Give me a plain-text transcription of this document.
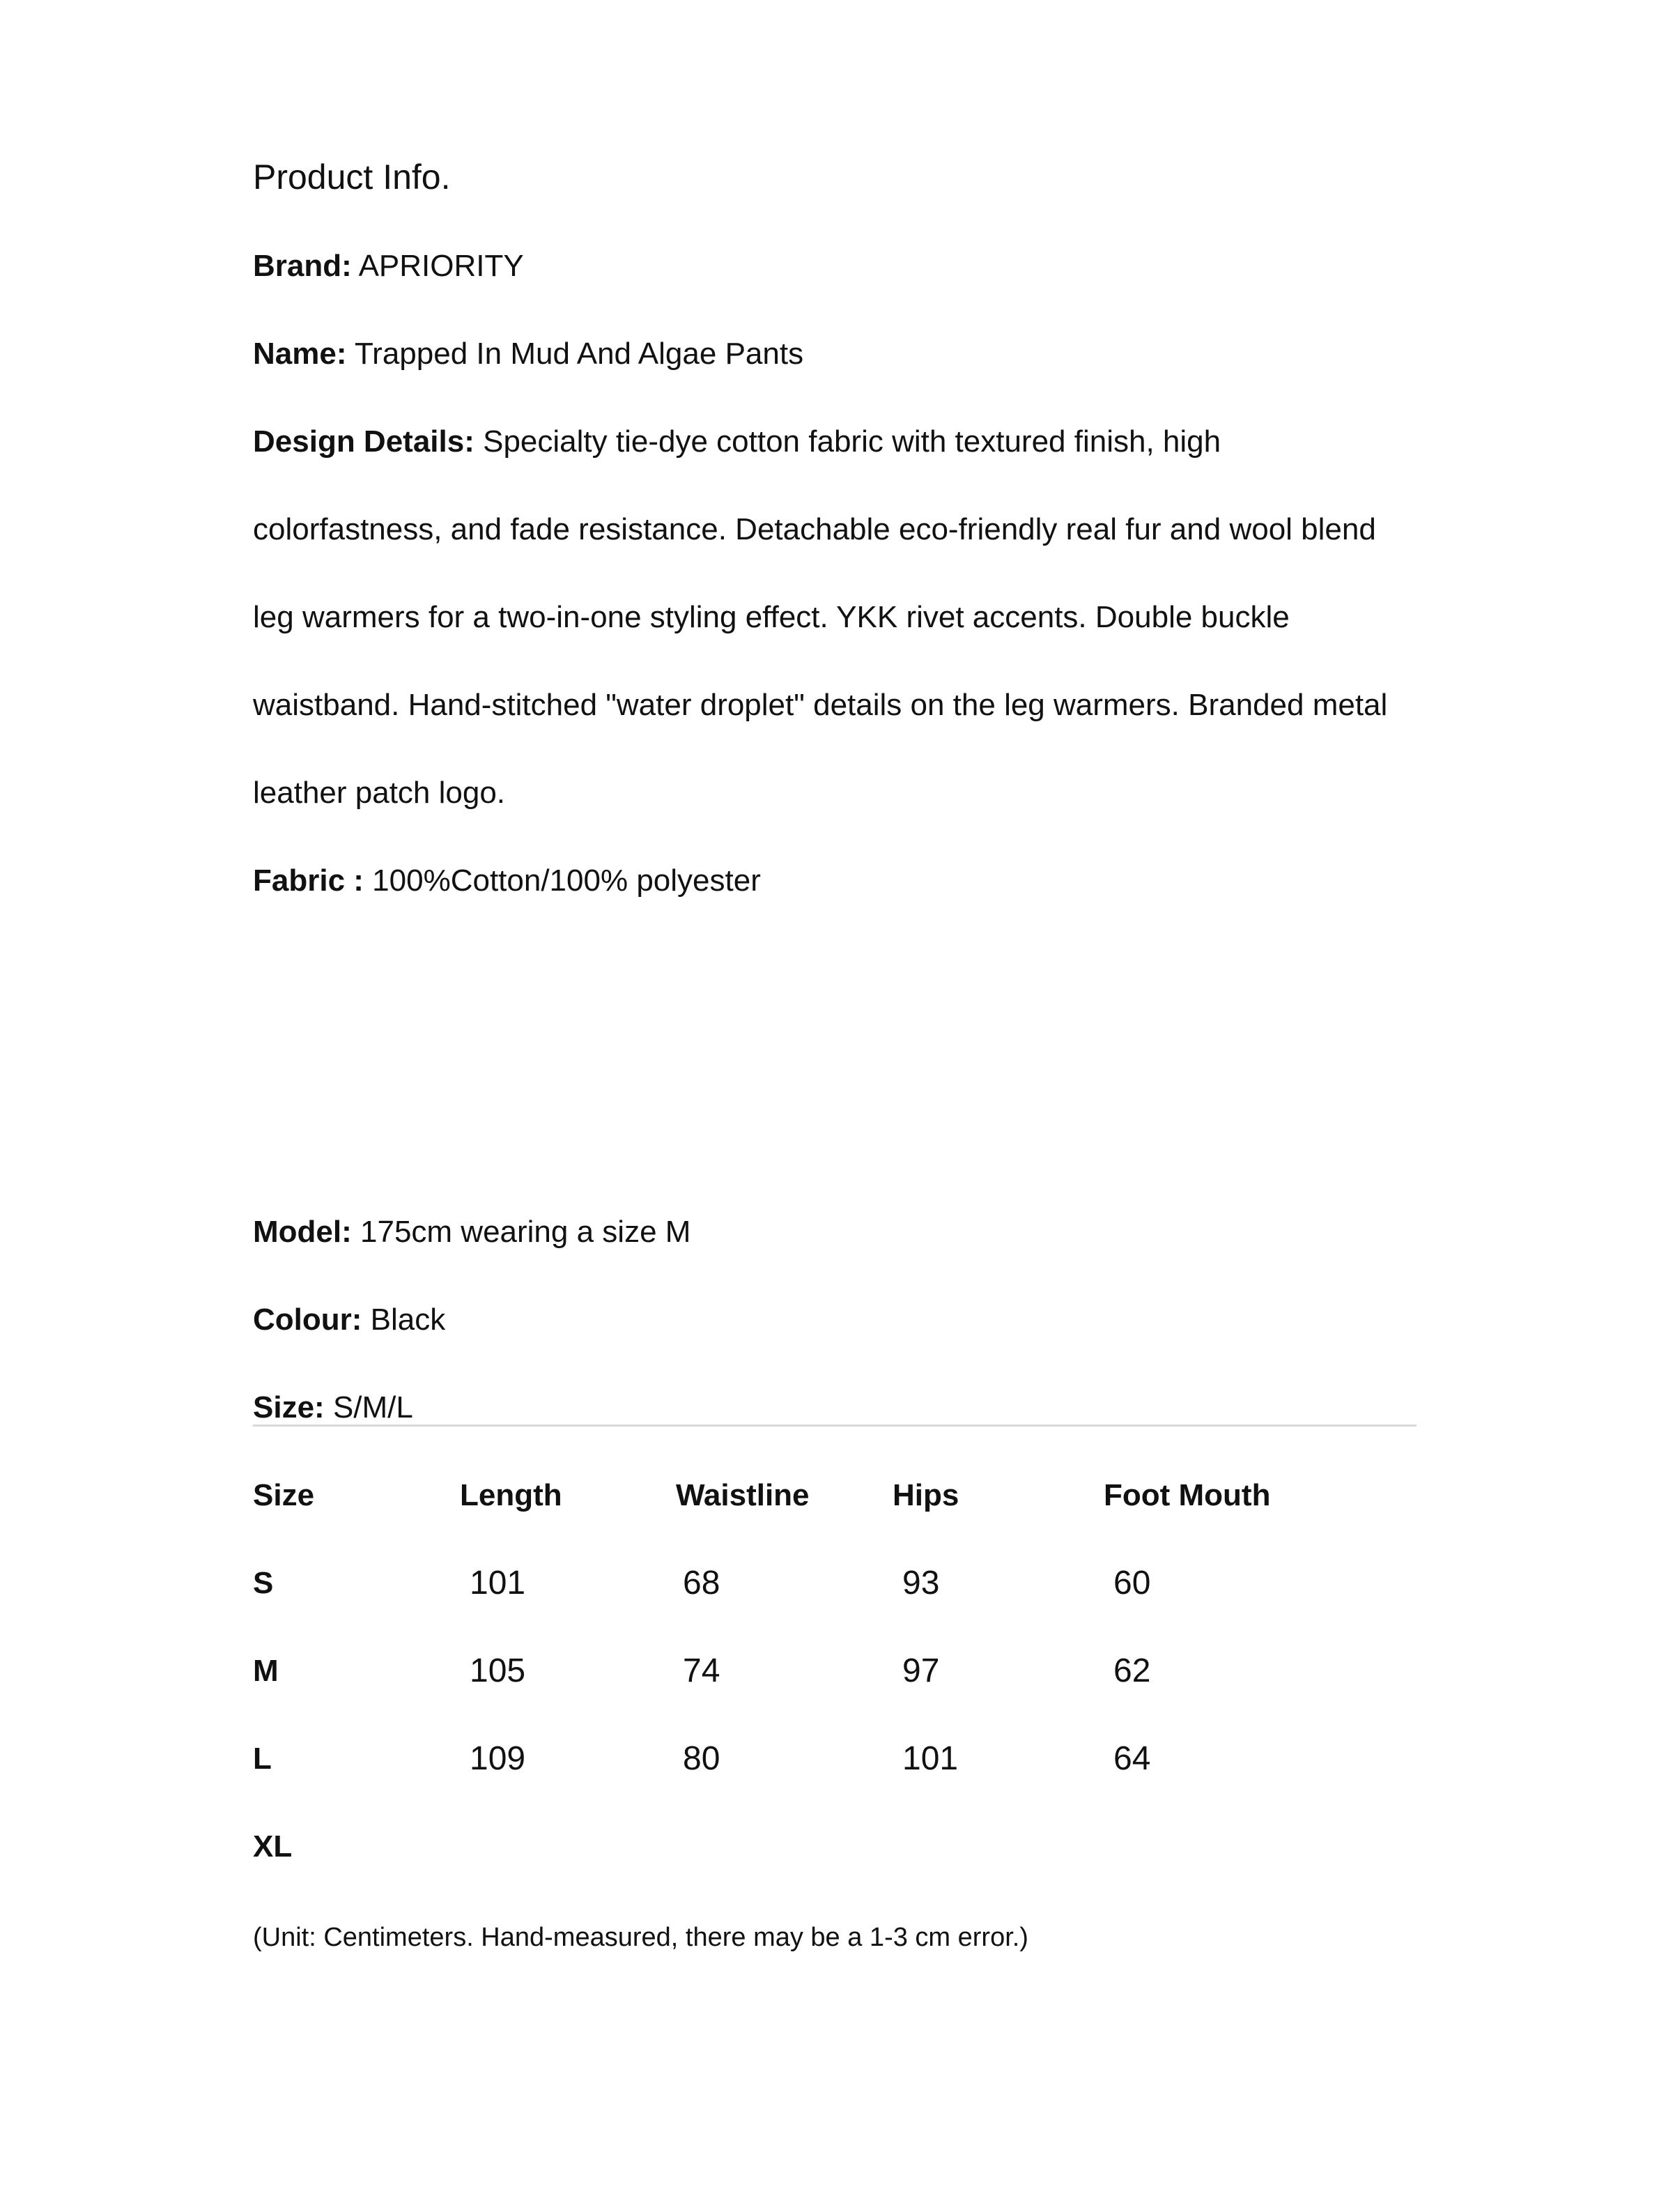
Product Info.
Brand: APRIORITY
Name: Trapped In Mud And Algae Pants
Design Details: Specialty tie-dye cotton fabric with textured finish, high
colorfastness, and fade resistance. Detachable eco-friendly real fur and wool blend
leg warmers for a two-in-one styling effect. YKK rivet accents. Double buckle
waistband. Hand-stitched "water droplet" details on the leg warmers. Branded metal
leather patch logo.
Fabric : 100%Cotton/100% polyester
Model: 175cm wearing a size M
Colour: Black
Size: S/M/L
Size	Length	Waistline	Hips	Foot Mouth
S	101	68	93	60
M	105	74	97	62
L	109	80	101	64
XL
(Unit: Centimeters. Hand-measured, there may be a 1-3 cm error.)
